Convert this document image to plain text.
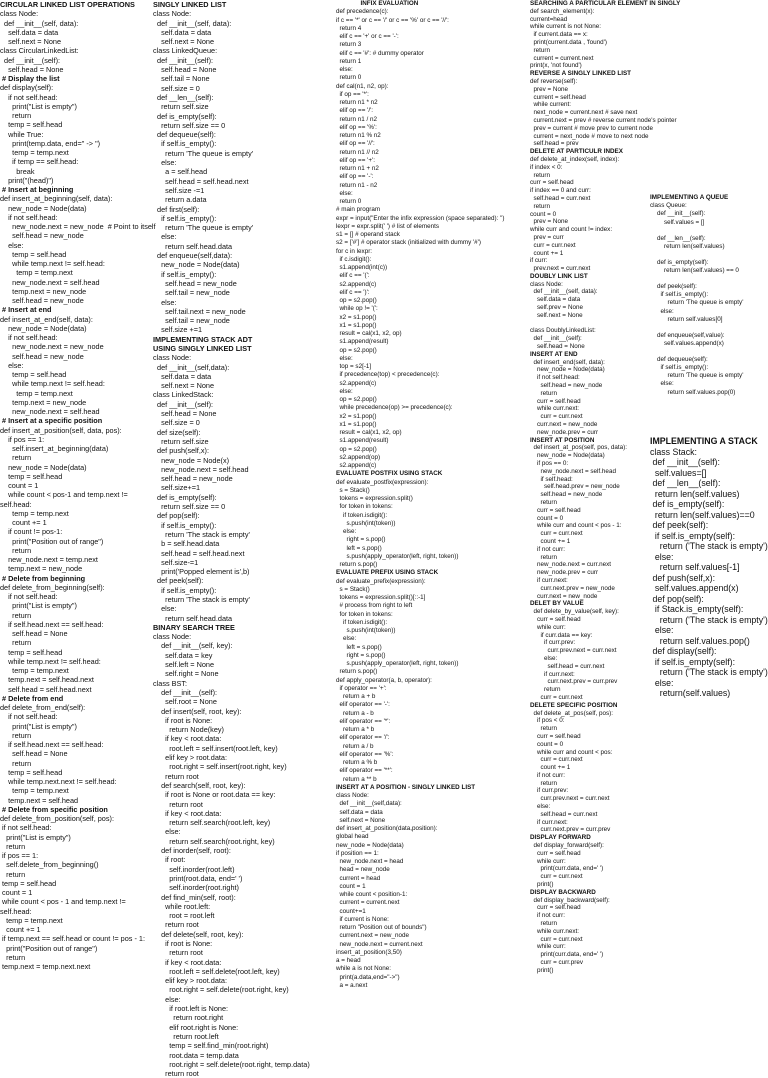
CIRCULAR LINKED LIST OPERATIONS
class Node:
def __init__(self, data):
self.data = data
self.next = None
class CircularLinkedList:
def __init__(self):
self.head = None
# Display the list
def display(self):
if not self.head:
print("List is empty")
return
temp = self.head
while True:
print(temp.data, end=" -> ")
temp = temp.next
if temp == self.head:
break
print("(head)")
# Insert at beginning
def insert_at_beginning(self, data):
new_node = Node(data)
if not self.head:
new_node.next = new_node  # Point to itself
self.head = new_node
else:
temp = self.head
while temp.next != self.head:
temp = temp.next
new_node.next = self.head
temp.next = new_node
self.head = new_node
# Insert at end
def insert_at_end(self, data):
new_node = Node(data)
if not self.head:
new_node.next = new_node
self.head = new_node
else:
temp = self.head
while temp.next != self.head:
temp = temp.next
temp.next = new_node
new_node.next = self.head
# Insert at a specific position
def insert_at_position(self, data, pos):
if pos == 1:
self.insert_at_beginning(data)
return
new_node = Node(data)
temp = self.head
count = 1
while count < pos-1 and temp.next !=
self.head:
temp = temp.next
count += 1
if count != pos-1:
print("Position out of range")
return
new_node.next = temp.next
temp.next = new_node
# Delete from beginning
def delete_from_beginning(self):
if not self.head:
print("List is empty")
return
if self.head.next == self.head:
self.head = None
return
temp = self.head
while temp.next != self.head:
temp = temp.next
temp.next = self.head.next
self.head = self.head.next
# Delete from end
def delete_from_end(self):
if not self.head:
print("List is empty")
return
if self.head.next == self.head:
self.head = None
return
temp = self.head
while temp.next.next != self.head:
temp = temp.next
temp.next = self.head
# Delete from specific position
def delete_from_position(self, pos):
if not self.head:
print("List is empty")
return
if pos == 1:
self.delete_from_beginning()
return
temp = self.head
count = 1
while count < pos - 1 and temp.next !=
self.head:
temp = temp.next
count += 1
if temp.next == self.head or count != pos - 1:
print("Position out of range")
return
temp.next = temp.next.next
SINGLY LINKED LIST
class Node:
def __init__(self, data):
self.data = data
self.next = None
class LinkedQueue:
def __init__(self):
self.head = None
self.tail = None
self.size = 0
def __len__(self):
return self.size
def is_empty(self):
return self.size == 0
def dequeue(self):
if self.is_empty():
return 'The queue is empty'
else:
a = self.head
self.head = self.head.next
self.size -=1
return a.data
def first(self):
if self.is_empty():
return 'The queue is empty'
else:
return self.head.data
def enqueue(self,data):
new_node = Node(data)
if self.is_empty():
self.head = new_node
self.tail = new_node
else:
self.tail.next = new_node
self.tail = new_node
self.size +=1
IMPLEMENTING STACK ADT
USING SINGLY LINKED LIST
class Node:
def __init__(self,data):
self.data = data
self.next = None
class LinkedStack:
def __init__(self):
self.head = None
self.size = 0
def size(self):
return self.size
def push(self,x):
new_node = Node(x)
new_node.next = self.head
self.head = new_node
self.size+=1
def is_empty(self):
return self.size == 0
def pop(self):
if self.is_empty():
return 'The stack is empty'
b = self.head.data
self.head = self.head.next
self.size-=1
print('Popped element is',b)
def peek(self):
if self.is_empty():
return 'The stack is empty'
else:
return self.head.data
BINARY SEARCH TREE
class Node:
def __init__(self, key):
self.data = key
self.left = None
self.right = None
class BST:
def __init__(self):
self.root = None
def insert(self, root, key):
if root is None:
return Node(key)
if key < root.data:
root.left = self.insert(root.left, key)
elif key > root.data:
root.right = self.insert(root.right, key)
return root
def search(self, root, key):
if root is None or root.data == key:
return root
if key < root.data:
return self.search(root.left, key)
else:
return self.search(root.right, key)
def inorder(self, root):
if root:
self.inorder(root.left)
print(root.data, end=' ')
self.inorder(root.right)
def find_min(self, root):
while root.left:
root = root.left
return root
def delete(self, root, key):
if root is None:
return root
if key < root.data:
root.left = self.delete(root.left, key)
elif key > root.data:
root.right = self.delete(root.right, key)
else:
if root.left is None:
return root.right
elif root.right is None:
return root.left
temp = self.find_min(root.right)
root.data = temp.data
root.right = self.delete(root.right, temp.data)
return root
INFIX EVALUATION
def precedence(c):
if c == '*' or c == '/' or c == '%' or c == '//':
return 4
elif c == '+' or c == '-':
return 3
elif c == '#': # dummy operator
return 1
else:
return 0
def cal(n1, n2, op):
if op == '*':
return n1 * n2
elif op == '/':
return n1 / n2
elif op == '%':
return n1 % n2
elif op == '//':
return n1 // n2
elif op == '+':
return n1 + n2
elif op == '-':
return n1 - n2
else:
return 0
# main program
expr = input("Enter the infix expression (space separated): ")
lexpr = expr.split(' ') # list of elements
s1 = [] # operand stack
s2 = ['#'] # operator stack (initialized with dummy '#')
for c in lexpr:
if c.isdigit():
s1.append(int(c))
elif c == '(':
s2.append(c)
elif c == ')':
op = s2.pop()
while op != '(':
x2 = s1.pop()
x1 = s1.pop()
result = cal(x1, x2, op)
s1.append(result)
op = s2.pop()
else:
top = s2[-1]
if precedence(top) < precedence(c):
s2.append(c)
else:
op = s2.pop()
while precedence(op) >= precedence(c):
x2 = s1.pop()
x1 = s1.pop()
result = cal(x1, x2, op)
s1.append(result)
op = s2.pop()
s2.append(op)
s2.append(c)
EVALUATE POSTFIX USING STACK
def evaluate_postfix(expression):
s = Stack()
tokens = expression.split()
for token in tokens:
if token.isdigit():
s.push(int(token))
else:
right = s.pop()
left = s.pop()
s.push(apply_operator(left, right, token))
return s.pop()
EVALUATE PREFIX USING STACK
def evaluate_prefix(expression):
s = Stack()
tokens = expression.split()[::-1]
# process from right to left
for token in tokens:
if token.isdigit():
s.push(int(token))
else:
left = s.pop()
right = s.pop()
s.push(apply_operator(left, right, token))
return s.pop()
def apply_operator(a, b, operator):
if operator == '+':
return a + b
elif operator == '-':
return a - b
elif operator == '*':
return a * b
elif operator == '/':
return a / b
elif operator == '%':
return a % b
elif operator == '**':
return a ** b
INSERT AT A POSITION - SINGLY LINKED LIST
class Node:
def __init__(self,data):
self.data = data
self.next = None
def insert_at_position(data,position):
global head
new_node = Node(data)
if position == 1:
new_node.next = head
head = new_node
current = head
count = 1
while count < position-1:
current = current.next
count+=1
if current is None:
return "Position out of bounds")
current.next = new_node
new_node.next = current.next
insert_at_position(3,50)
a = head
while a is not None:
print(a.data,end="->")
a = a.next
SEARCHING A PARTICULAR ELEMENT IN SINGLY
def search_element(x):
current=head
while current is not None:
if current.data == x:
print(current.data , 'found')
return
current = current.next
print(x, 'not found')
REVERSE A SINGLY LINKED LIST
def reverse(self):
prev = None
current = self.head
while current:
next_node = current.next # save next
current.next = prev # reverse current node's pointer
prev = current # move prev to current node
current = next_node # move to next node
self.head = prev
DELETE AT PARTICULR INDEX
def delete_at_index(self, index):
if index < 0:
return
curr = self.head
if index == 0 and curr:
self.head = curr.next
return
count = 0
prev = None
while curr and count != index:
prev = curr
curr = curr.next
count += 1
if curr:
prev.next = curr.next
DOUBLY LINK LIST
class Node:
def __init__(self, data):
self.data = data
self.prev = None
self.next = None

class DoublyLinkedList:
def __init__(self):
self.head = None
INSERT AT END
def insert_end(self, data):
new_node = Node(data)
if not self.head:
self.head = new_node
return
curr = self.head
while curr.next:
curr = curr.next
curr.next = new_node
new_node.prev = curr
INSERT AT POSITION
def insert_at_pos(self, pos, data):
new_node = Node(data)
if pos == 0:
new_node.next = self.head
if self.head:
self.head.prev = new_node
self.head = new_node
return
curr = self.head
count = 0
while curr and count < pos - 1:
curr = curr.next
count += 1
if not curr:
return
new_node.next = curr.next
new_node.prev = curr
if curr.next:
curr.next.prev = new_node
curr.next = new_node
DELET BY VALUE
def delete_by_value(self, key):
curr = self.head
while curr:
if curr.data == key:
if curr.prev:
curr.prev.next = curr.next
else:
self.head = curr.next
if curr.next:
curr.next.prev = curr.prev
return
curr = curr.next
DELETE SPECIFIC POSITION
def delete_at_pos(self, pos):
if pos < 0:
return
curr = self.head
count = 0
while curr and count < pos:
curr = curr.next
count += 1
if not curr:
return
if curr.prev:
curr.prev.next = curr.next
else:
self.head = curr.next
if curr.next:
curr.next.prev = curr.prev
DISPLAY FORWARD
def display_forward(self):
curr = self.head
while curr:
print(curr.data, end=' ')
curr = curr.next
print()
DISPLAY BACKWARD
def display_backward(self):
curr = self.head
if not curr:
return
while curr.next:
curr = curr.next
while curr:
print(curr.data, end=' ')
curr = curr.prev
print()

IMPLEMENTING A QUEUE
class Queue:
def __init__(self):
self.values = []

def __len__(self):
return len(self.values)

def is_empty(self):
return len(self.values) == 0

def peek(self):
if self.is_empty():
return 'The queue is empty'
else:
return self.values[0]

def enqueue(self,value):
self.values.append(x)

def dequeue(self):
if self.is_empty():
return 'The queue is empty'
else:
return self.values.pop(0)
IMPLEMENTING A STACK
class Stack:
def __init__(self):
self.values=[]
def __len__(self):
return len(self.values)
def is_empty(self):
return len(self.values)==0
def peek(self):
if self.is_empty(self):
return ('The stack is empty')
else:
return self.values[-1]
def push(self,x):
self.values.append(x)
def pop(self):
if Stack.is_empty(self):
return ('The stack is empty')
else:
return self.values.pop()
def display(self):
if self.is_empty(self):
return ('The stack is empty')
else:
return(self.values)
